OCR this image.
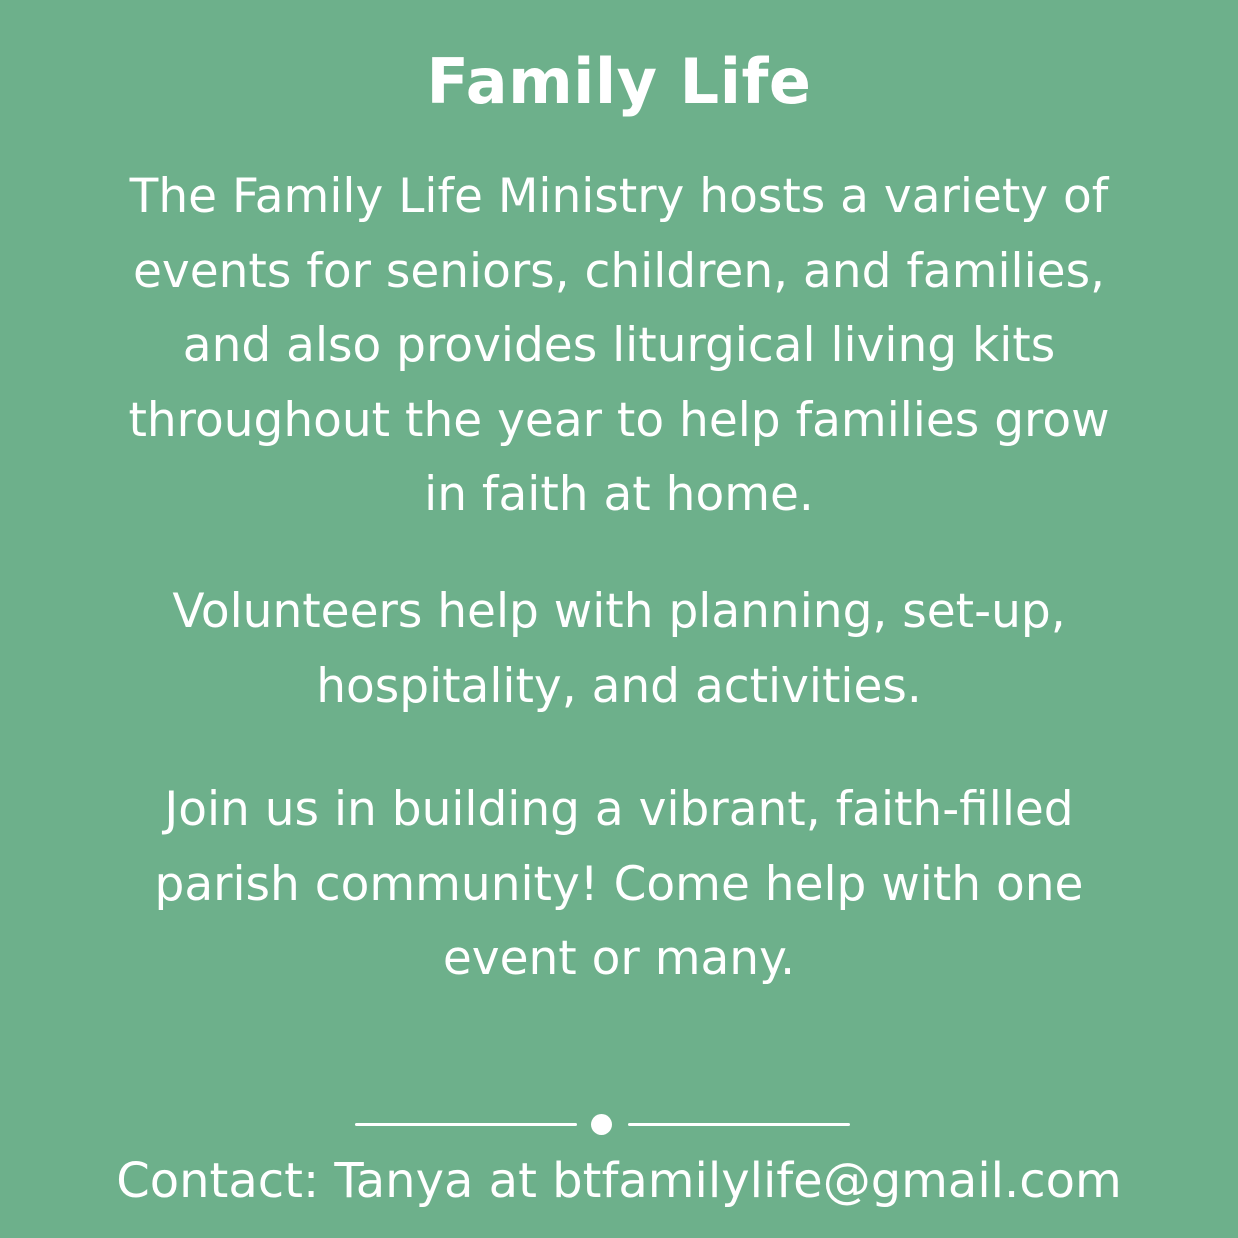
Family Life

The Family Life Ministry hosts a variety of events for seniors, children, and families, and also provides liturgical living kits throughout the year to help families grow in faith at home.

Volunteers help with planning, set-up, hospitality, and activities.

Join us in building a vibrant, faith-filled parish community! Come help with one event or many.

Contact: Tanya at btfamilylife@gmail.com
